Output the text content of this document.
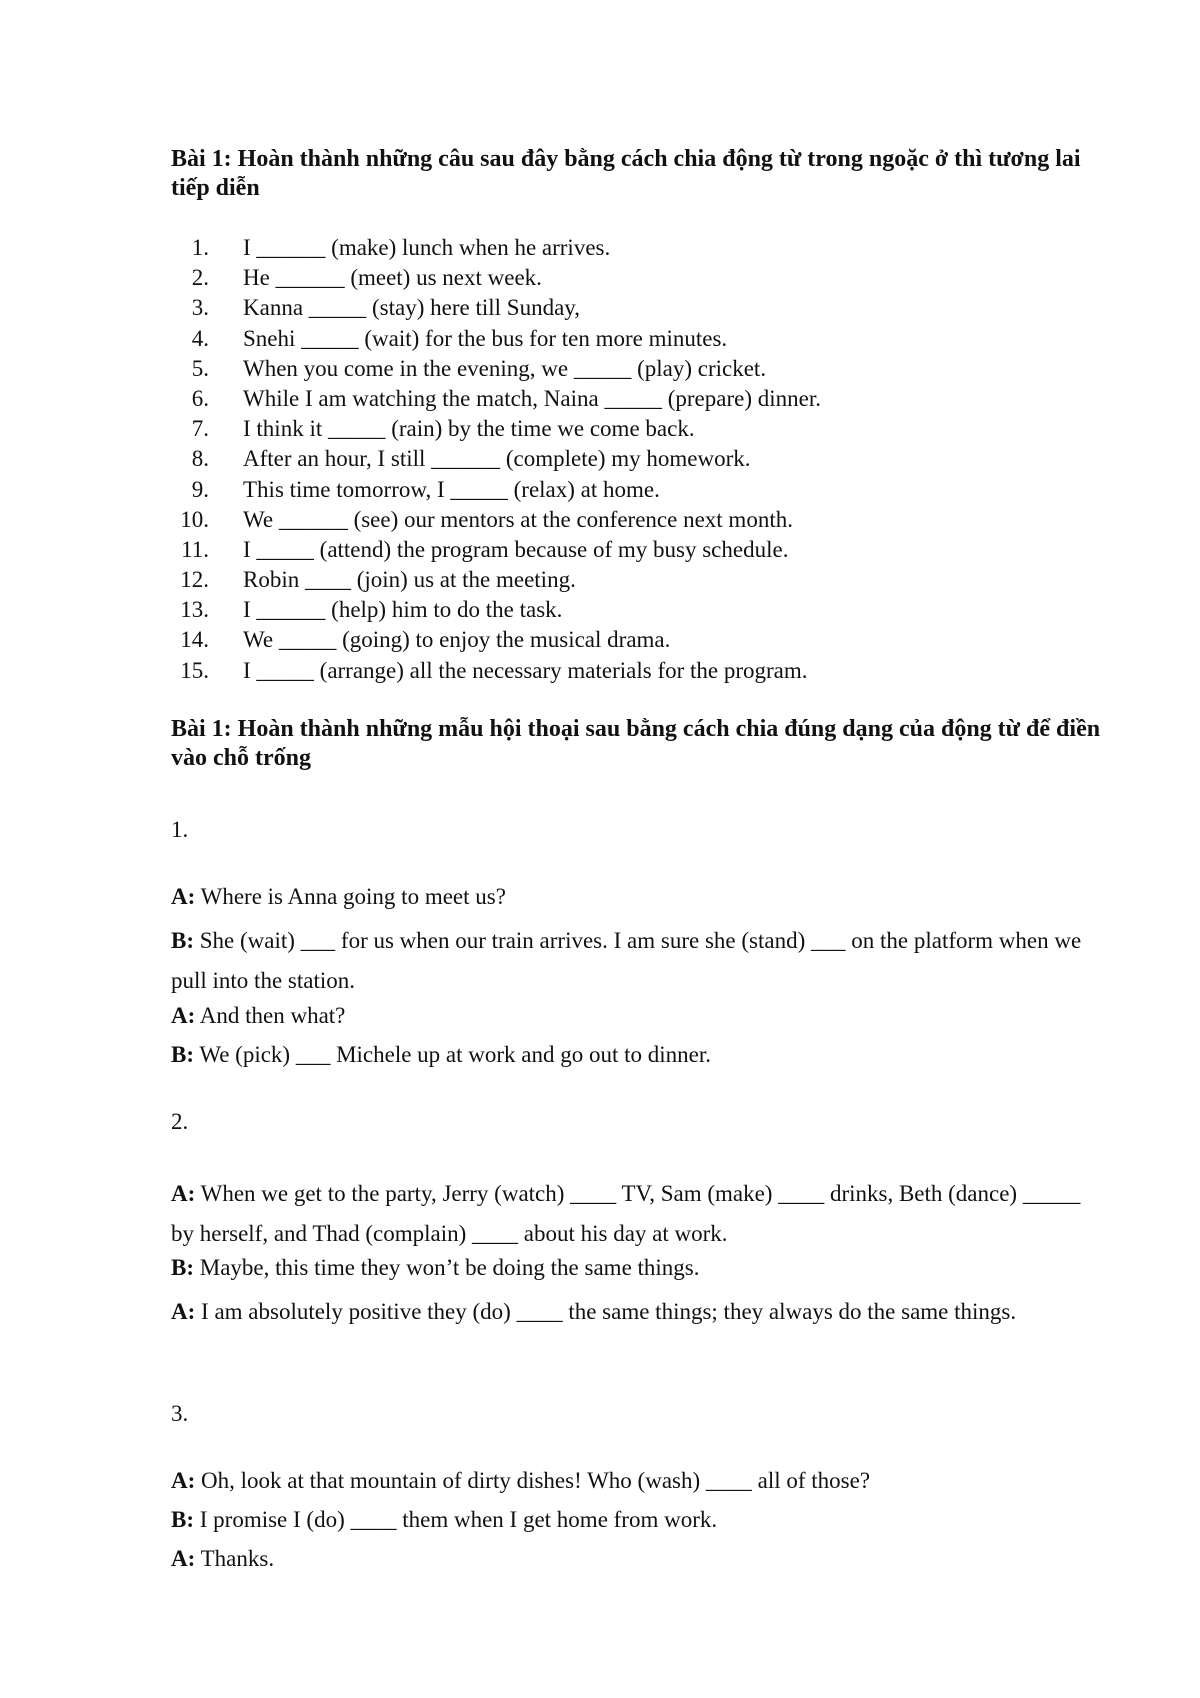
Bài 1: Hoàn thành những câu sau đây bằng cách chia động từ trong ngoặc ở thì tương lai tiếp diễn
1. I ______ (make) lunch when he arrives.
2. He ______ (meet) us next week.
3. Kanna _____ (stay) here till Sunday,
4. Snehi _____ (wait) for the bus for ten more minutes.
5. When you come in the evening, we _____ (play) cricket.
6. While I am watching the match, Naina _____ (prepare) dinner.
7. I think it _____ (rain) by the time we come back.
8. After an hour, I still ______ (complete) my homework.
9. This time tomorrow, I _____ (relax) at home.
10. We ______ (see) our mentors at the conference next month.
11. I _____ (attend) the program because of my busy schedule.
12. Robin ____ (join) us at the meeting.
13. I ______ (help) him to do the task.
14. We _____ (going) to enjoy the musical drama.
15. I _____ (arrange) all the necessary materials for the program.
Bài 1: Hoàn thành những mẫu hội thoại sau bằng cách chia đúng dạng của động từ để điền vào chỗ trống

1.

A: Where is Anna going to meet us?

B: She (wait) ___ for us when our train arrives. I am sure she (stand) ___ on the platform when we pull into the station.

A: And then what?

B: We (pick) ___ Michele up at work and go out to dinner.

2.

A: When we get to the party, Jerry (watch) ____ TV, Sam (make) ____ drinks, Beth (dance) _____ by herself, and Thad (complain) ____ about his day at work.

B: Maybe, this time they won’t be doing the same things.

A: I am absolutely positive they (do) ____ the same things; they always do the same things.

3.

A: Oh, look at that mountain of dirty dishes! Who (wash) ____ all of those?

B: I promise I (do) ____ them when I get home from work.

A: Thanks.
